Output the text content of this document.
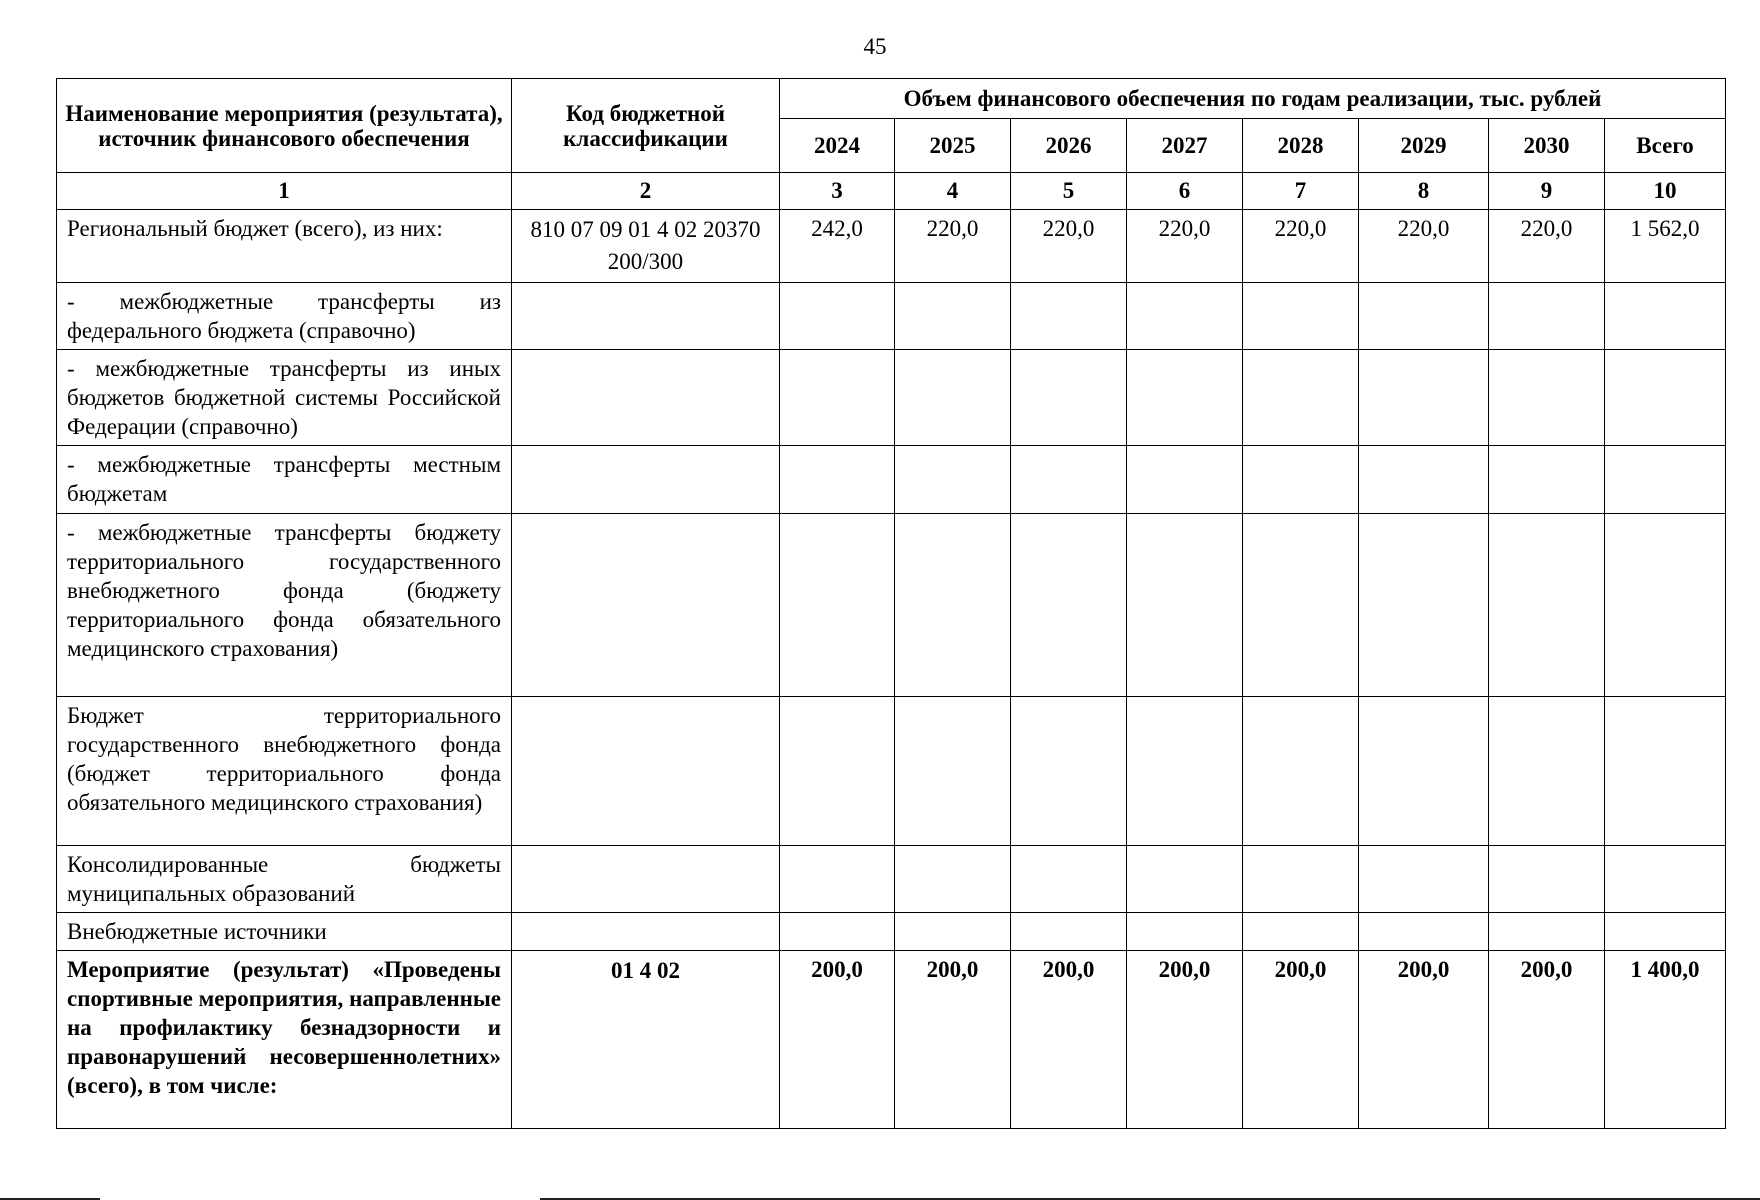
45
Наименование мероприятия (результата), источник финансового обеспечения	Код бюджетной классификации	Объем финансового обеспечения по годам реализации, тыс. рублей							
		2024	2025	2026	2027	2028	2029	2030	Всего
1	2	3	4	5	6	7	8	9	10
Региональный бюджет (всего), из них:	810 07 09 01 4 02 20370 200/300	242,0	220,0	220,0	220,0	220,0	220,0	220,0	1 562,0
- межбюджетные трансферты из федерального бюджета (справочно)									
- межбюджетные трансферты из иных бюджетов бюджетной системы Российской Федерации (справочно)									
- межбюджетные трансферты местным бюджетам									
- межбюджетные трансферты бюджету территориального государственного внебюджетного фонда (бюджету территориального фонда обязательного медицинского страхования)									
Бюджет территориального государственного внебюджетного фонда (бюджет территориального фонда обязательного медицинского страхования)									
Консолидированные бюджеты муниципальных образований									
Внебюджетные источники									
Мероприятие (результат) «Проведены спортивные мероприятия, направленные на профилактику безнадзорности и правонарушений несовершеннолетних» (всего), в том числе:	01 4 02	200,0	200,0	200,0	200,0	200,0	200,0	200,0	1 400,0
